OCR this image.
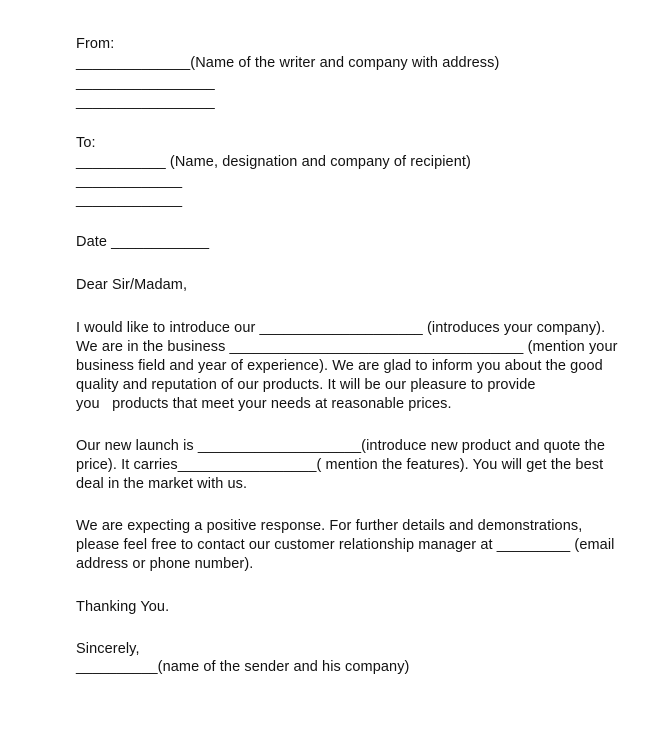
From:
______________(Name of the writer and company with address)
_________________
_________________
To:
___________ (Name, designation and company of recipient)
_____________
_____________
Date ____________
Dear Sir/Madam,
I would like to introduce our ____________________ (introduces your company).
We are in the business ____________________________________ (mention your
business field and year of experience). We are glad to inform you about the good
quality and reputation of our products. It will be our pleasure to provide
you   products that meet your needs at reasonable prices.
Our new launch is ____________________(introduce new product and quote the
price). It carries_________________( mention the features). You will get the best
deal in the market with us.
We are expecting a positive response. For further details and demonstrations,
please feel free to contact our customer relationship manager at _________ (email
address or phone number).
Thanking You.
Sincerely,
__________(name of the sender and his company)
